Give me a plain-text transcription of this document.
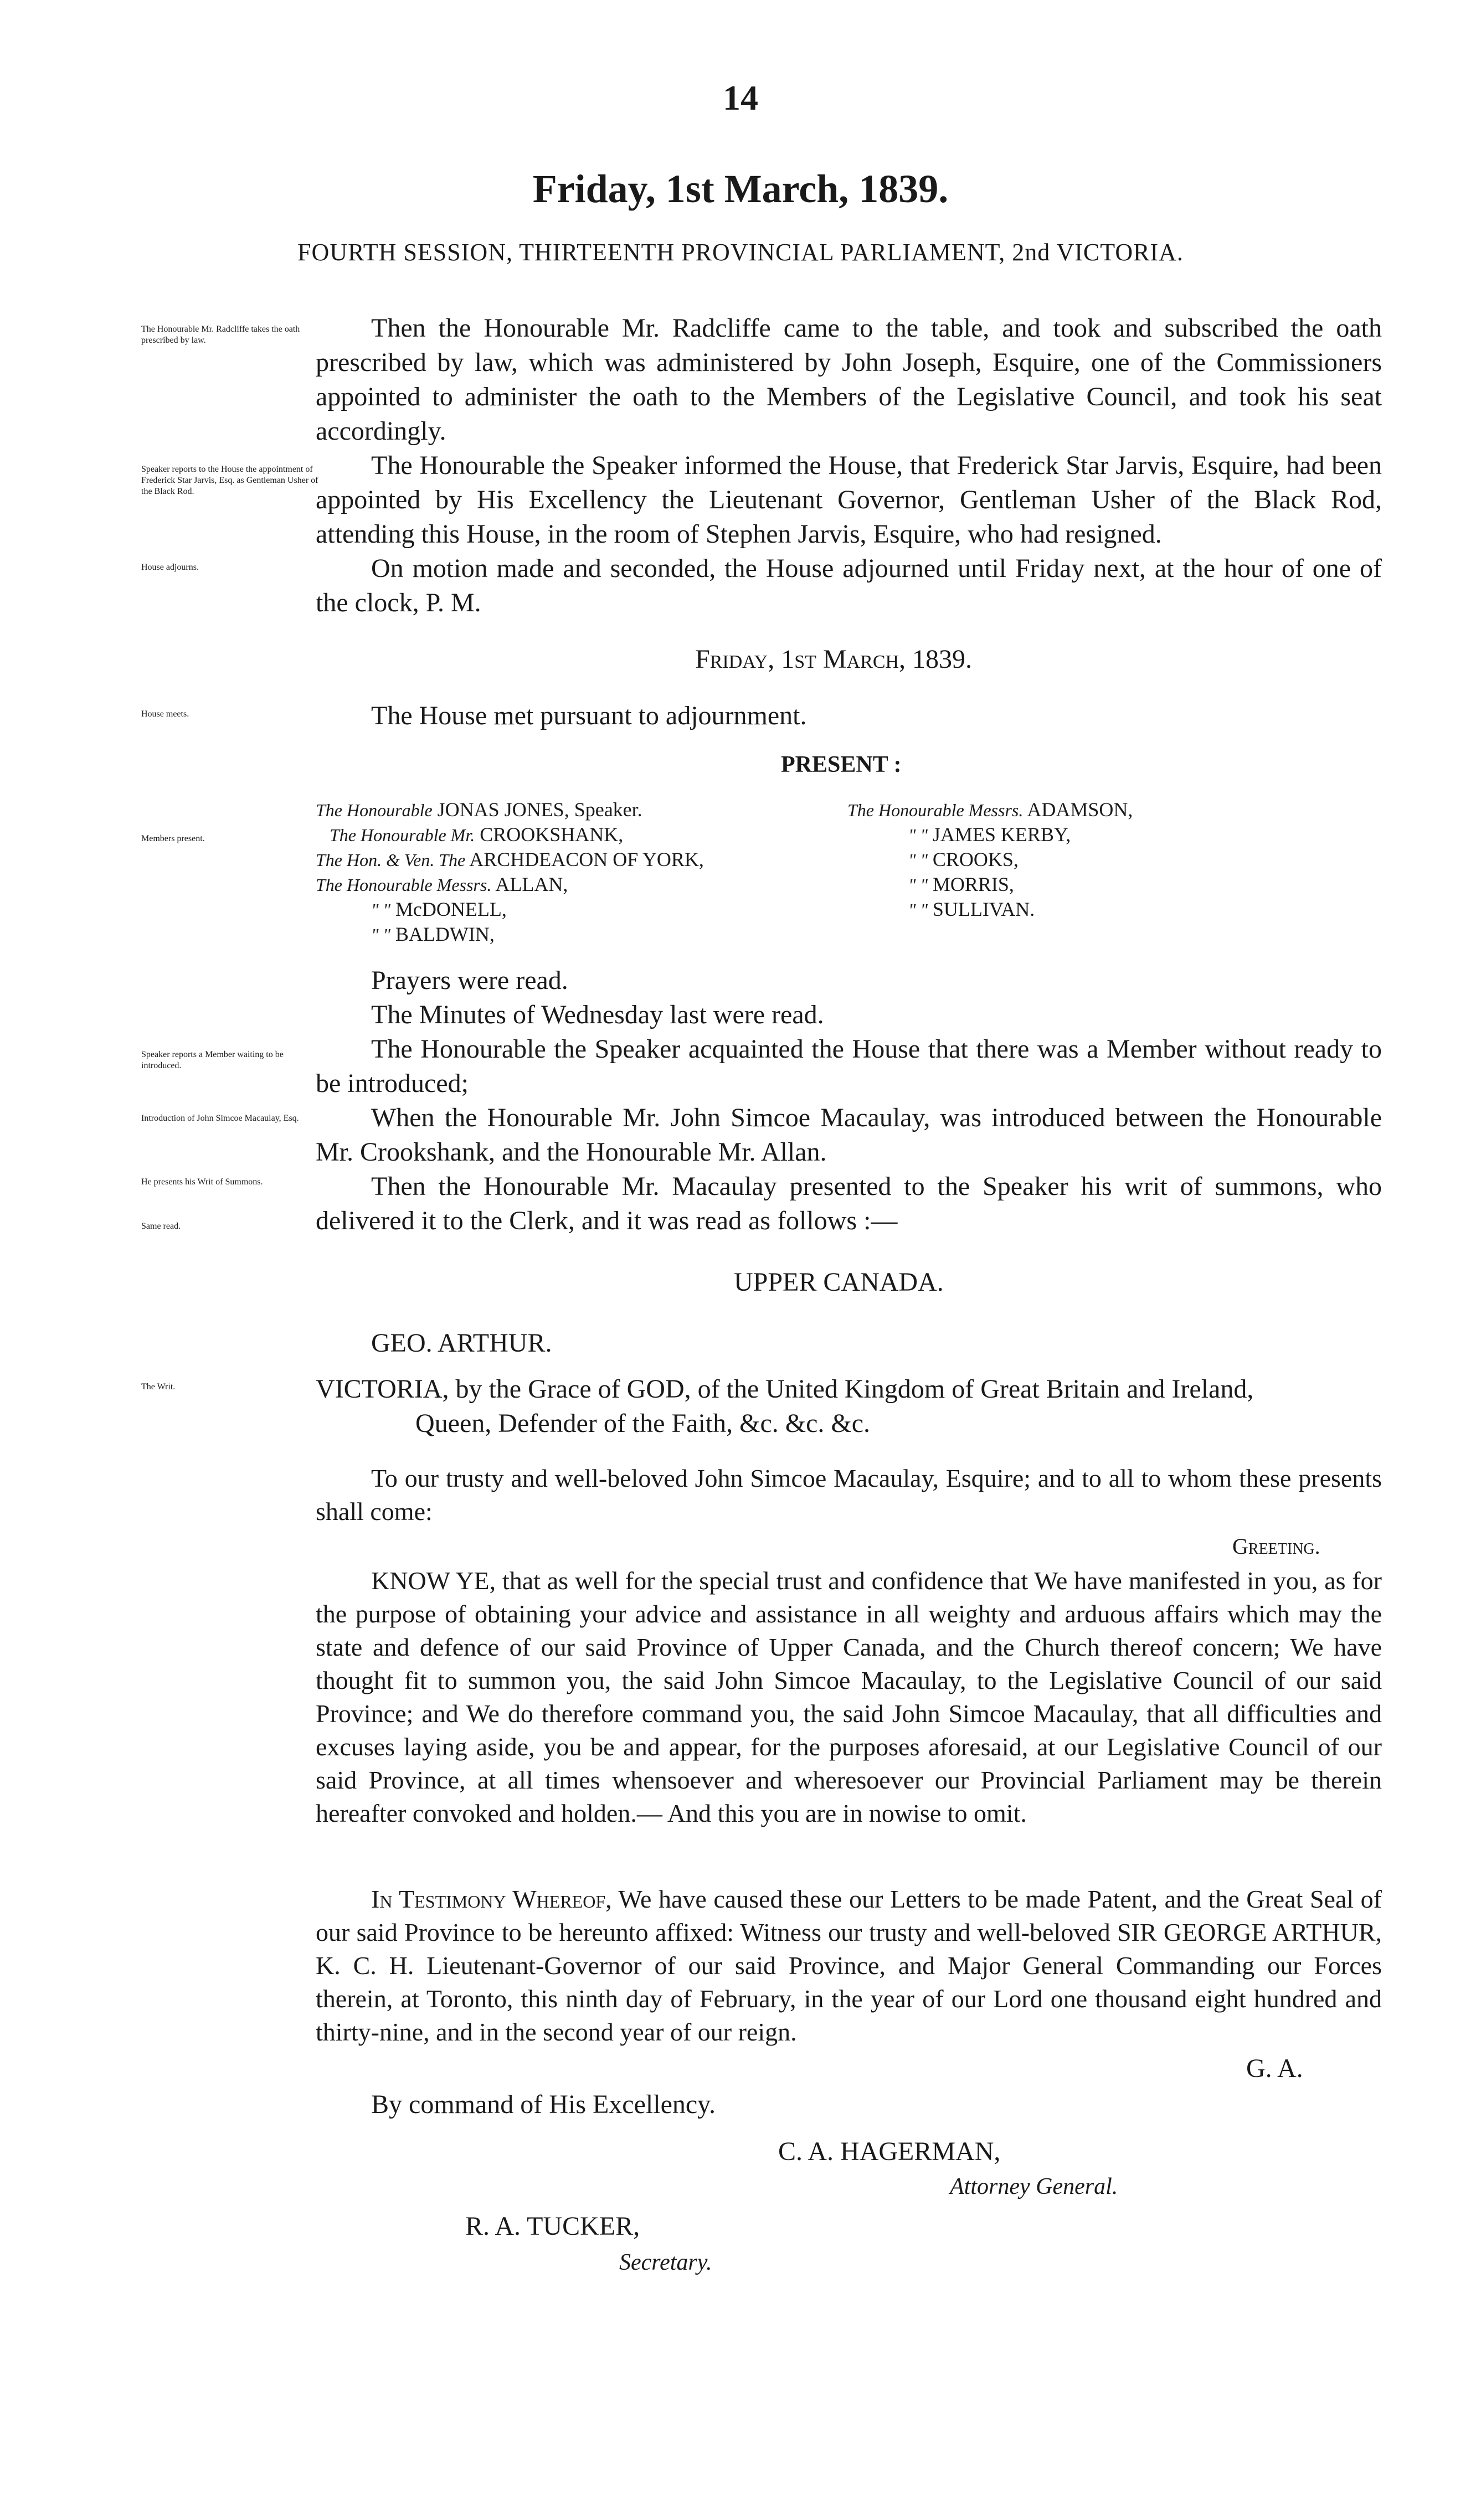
14
Friday, 1st March, 1839.
FOURTH SESSION, THIRTEENTH PROVINCIAL PARLIAMENT, 2nd VICTORIA.
The Honourable Mr. Radcliffe takes the oath prescribed by law.
Speaker reports to the House the appointment of Frederick Star Jarvis, Esq. as Gentleman Usher of the Black Rod.
House adjourns.
House meets.
Members present.
Speaker reports a Member waiting to be introduced.
Introduction of John Simcoe Macaulay, Esq.
He presents his Writ of Summons.
Same read.
The Writ.

Then the Honourable Mr. Radcliffe came to the table, and took and subscribed the oath prescribed by law, which was administered by John Joseph, Esquire, one of the Commissioners appointed to administer the oath to the Members of the Legislative Council, and took his seat accordingly.

The Honourable the Speaker informed the House, that Frederick Star Jarvis, Esquire, had been appointed by His Excellency the Lieutenant Governor, Gentleman Usher of the Black Rod, attending this House, in the room of Stephen Jarvis, Esquire, who had resigned.

On motion made and seconded, the House adjourned until Friday next, at the hour of one of the clock, P. M.

Friday, 1st March, 1839.
The House met pursuant to adjournment.
PRESENT :
The Honourable JONAS JONES, Speaker.
The Honourable Mr. CROOKSHANK,
The Hon. & Ven. The ARCHDEACON OF YORK,
The Honourable Messrs. ALLAN,
" " McDONELL,
" " BALDWIN,
The Honourable Messrs. ADAMSON,
" " JAMES KERBY,
" " CROOKS,
" " MORRIS,
" " SULLIVAN.
Prayers were read.
The Minutes of Wednesday last were read.

The Honourable the Speaker acquainted the House that there was a Member without ready to be introduced;

When the Honourable Mr. John Simcoe Macaulay, was introduced between the Honourable Mr. Crookshank, and the Honourable Mr. Allan.

Then the Honourable Mr. Macaulay presented to the Speaker his writ of summons, who delivered it to the Clerk, and it was read as follows :—

UPPER CANADA.
GEO. ARTHUR.
VICTORIA, by the Grace of GOD, of the United Kingdom of Great Britain and Ireland,
Queen, Defender of the Faith, &c. &c. &c.

To our trusty and well-beloved John Simcoe Macaulay, Esquire; and to all to whom these presents shall come:

Greeting.

KNOW YE, that as well for the special trust and confidence that We have manifested in you, as for the purpose of obtaining your advice and assistance in all weighty and arduous affairs which may the state and defence of our said Province of Upper Canada, and the Church thereof concern; We have thought fit to summon you, the said John Simcoe Macaulay, to the Legislative Council of our said Province; and We do therefore command you, the said John Simcoe Macaulay, that all difficulties and excuses laying aside, you be and appear, for the purposes aforesaid, at our Legislative Council of our said Province, at all times whensoever and wheresoever our Provincial Parliament may be therein hereafter convoked and holden.— And this you are in nowise to omit.

In Testimony Whereof, We have caused these our Letters to be made Patent, and the Great Seal of our said Province to be hereunto affixed: Witness our trusty and well-beloved SIR GEORGE ARTHUR, K. C. H. Lieutenant-Governor of our said Province, and Major General Commanding our Forces therein, at Toronto, this ninth day of February, in the year of our Lord one thousand eight hundred and thirty-nine, and in the second year of our reign.

G. A.
By command of His Excellency.
C. A. HAGERMAN,
Attorney General.
R. A. TUCKER,
Secretary.
